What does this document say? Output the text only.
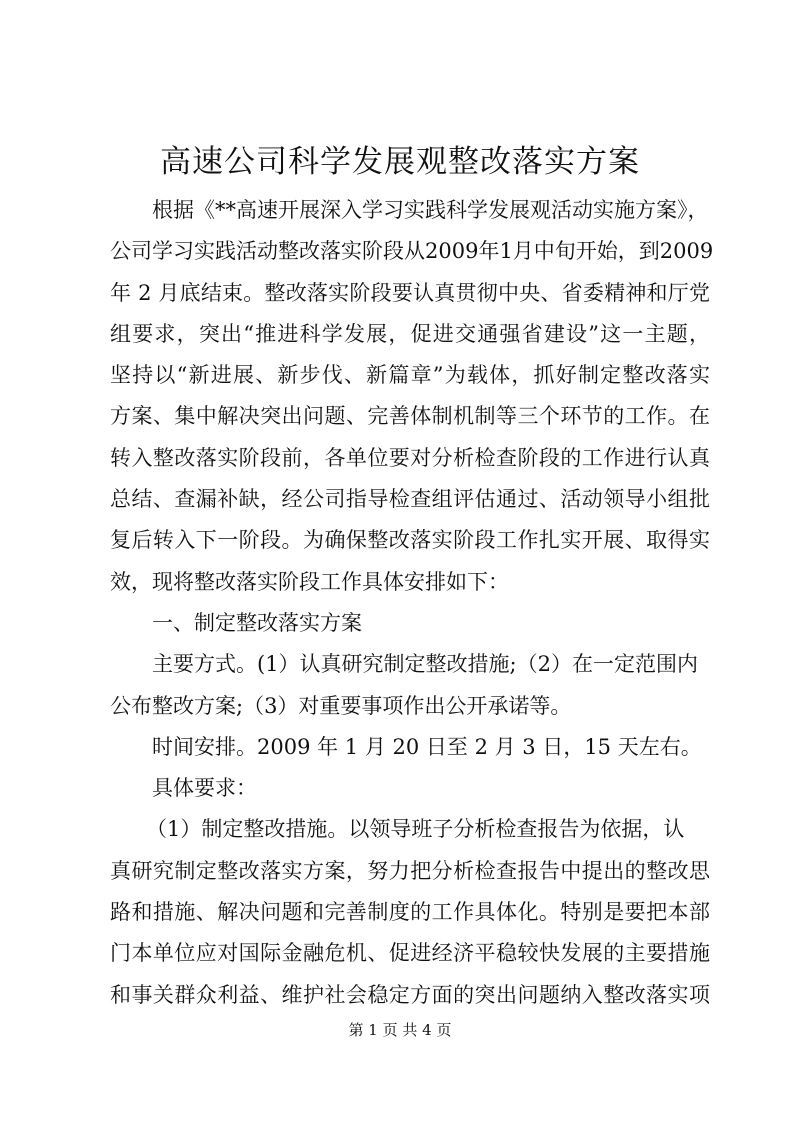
高速公司科学发展观整改落实方案
根据《**高速开展深入学习实践科学发展观活动实施方案》，
公司学习实践活动整改落实阶段从2009年1月中旬开始，到2009
年 2 月底结束。整改落实阶段要认真贯彻中央、省委精神和厅党
组要求，突出“推进科学发展，促进交通强省建设”这一主题，
坚持以“新进展、新步伐、新篇章”为载体，抓好制定整改落实
方案、集中解决突出问题、完善体制机制等三个环节的工作。在
转入整改落实阶段前，各单位要对分析检查阶段的工作进行认真
总结、查漏补缺，经公司指导检查组评估通过、活动领导小组批
复后转入下一阶段。为确保整改落实阶段工作扎实开展、取得实
效，现将整改落实阶段工作具体安排如下：
一、制定整改落实方案
主要方式。(1）认真研究制定整改措施;（2）在一定范围内
公布整改方案;（3）对重要事项作出公开承诺等。
时间安排。2009 年 1 月 20 日至 2 月 3 日，15 天左右。
具体要求：
（1）制定整改措施。以领导班子分析检查报告为依据，认
真研究制定整改落实方案，努力把分析检查报告中提出的整改思
路和措施、解决问题和完善制度的工作具体化。特别是要把本部
门本单位应对国际金融危机、促进经济平稳较快发展的主要措施
和事关群众利益、维护社会稳定方面的突出问题纳入整改落实项
第 1 页 共 4 页
